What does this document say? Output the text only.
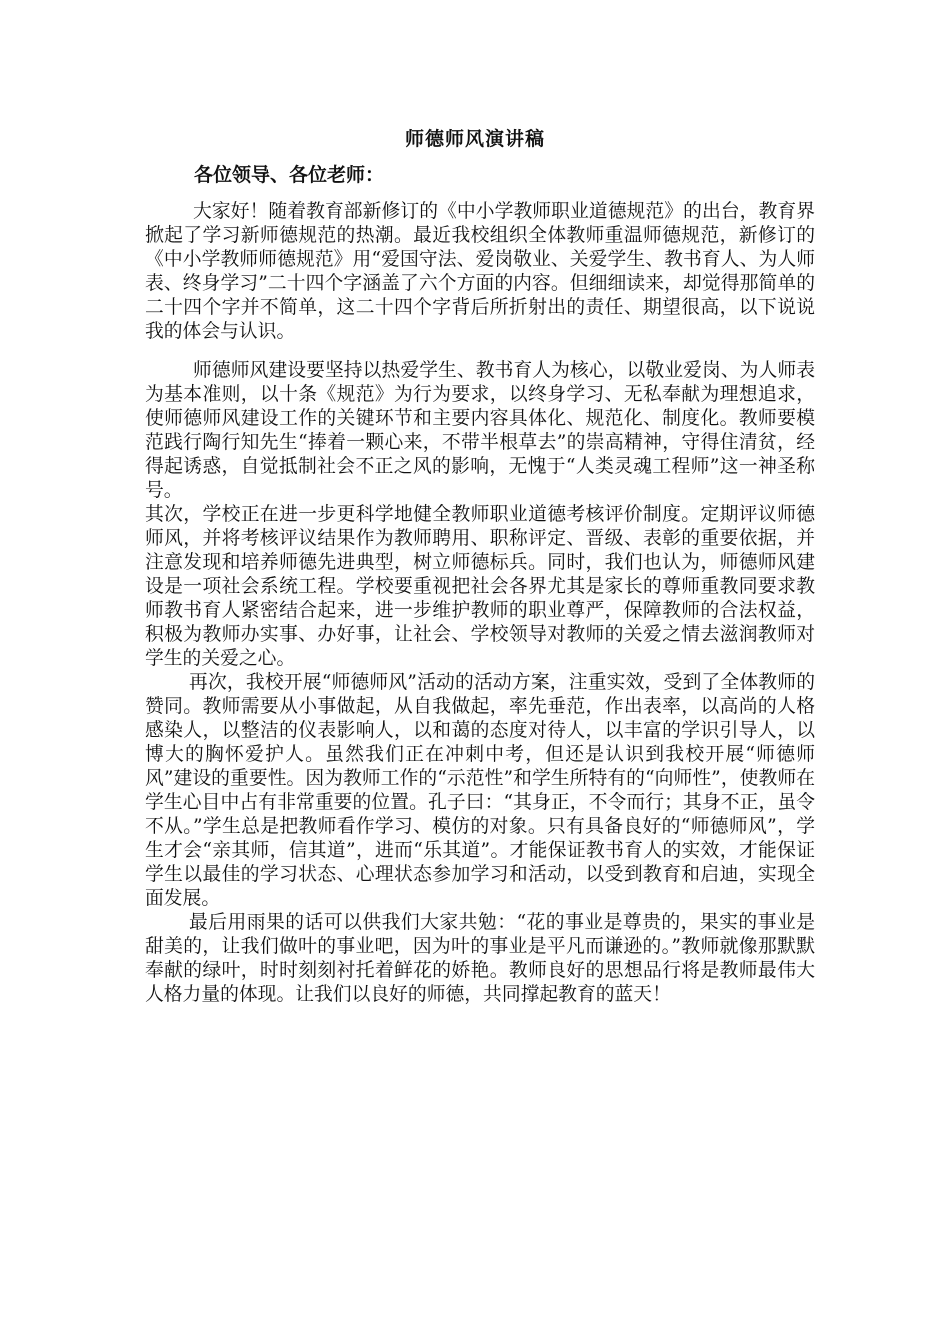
师德师风演讲稿
各位领导、各位老师：

大家好！随着教育部新修订的《中小学教师职业道德规范》的出台，教育界掀起了学习新师德规范的热潮。最近我校组织全体教师重温师德规范，新修订的《中小学教师师德规范》用“爱国守法、爱岗敬业、关爱学生、教书育人、为人师表、终身学习”二十四个字涵盖了六个方面的内容。但细细读来，却觉得那简单的二十四个字并不简单，这二十四个字背后所折射出的责任、期望很高，以下说说我的体会与认识。

师德师风建设要坚持以热爱学生、教书育人为核心，以敬业爱岗、为人师表为基本准则，以十条《规范》为行为要求，以终身学习、无私奉献为理想追求，使师德师风建设工作的关键环节和主要内容具体化、规范化、制度化。教师要模范践行陶行知先生“捧着一颗心来，不带半根草去”的崇高精神，守得住清贫，经得起诱惑，自觉抵制社会不正之风的影响，无愧于“人类灵魂工程师”这一神圣称号。

其次，学校正在进一步更科学地健全教师职业道德考核评价制度。定期评议师德师风，并将考核评议结果作为教师聘用、职称评定、晋级、表彰的重要依据，并注意发现和培养师德先进典型，树立师德标兵。同时，我们也认为，师德师风建设是一项社会系统工程。学校要重视把社会各界尤其是家长的尊师重教同要求教师教书育人紧密结合起来，进一步维护教师的职业尊严，保障教师的合法权益，积极为教师办实事、办好事，让社会、学校领导对教师的关爱之情去滋润教师对学生的关爱之心。

再次，我校开展“师德师风”活动的活动方案，注重实效，受到了全体教师的赞同。教师需要从小事做起，从自我做起，率先垂范，作出表率，以高尚的人格感染人，以整洁的仪表影响人，以和蔼的态度对待人，以丰富的学识引导人，以博大的胸怀爱护人。虽然我们正在冲刺中考，但还是认识到我校开展“师德师风”建设的重要性。因为教师工作的“示范性”和学生所特有的“向师性”，使教师在学生心目中占有非常重要的位置。孔子曰：“其身正，不令而行；其身不正，虽令不从。”学生总是把教师看作学习、模仿的对象。只有具备良好的“师德师风”，学生才会“亲其师，信其道”，进而“乐其道”。才能保证教书育人的实效，才能保证学生以最佳的学习状态、心理状态参加学习和活动，以受到教育和启迪，实现全面发展。

最后用雨果的话可以供我们大家共勉：“花的事业是尊贵的，果实的事业是甜美的，让我们做叶的事业吧，因为叶的事业是平凡而谦逊的。”教师就像那默默奉献的绿叶，时时刻刻衬托着鲜花的娇艳。教师良好的思想品行将是教师最伟大人格力量的体现。让我们以良好的师德，共同撑起教育的蓝天！
